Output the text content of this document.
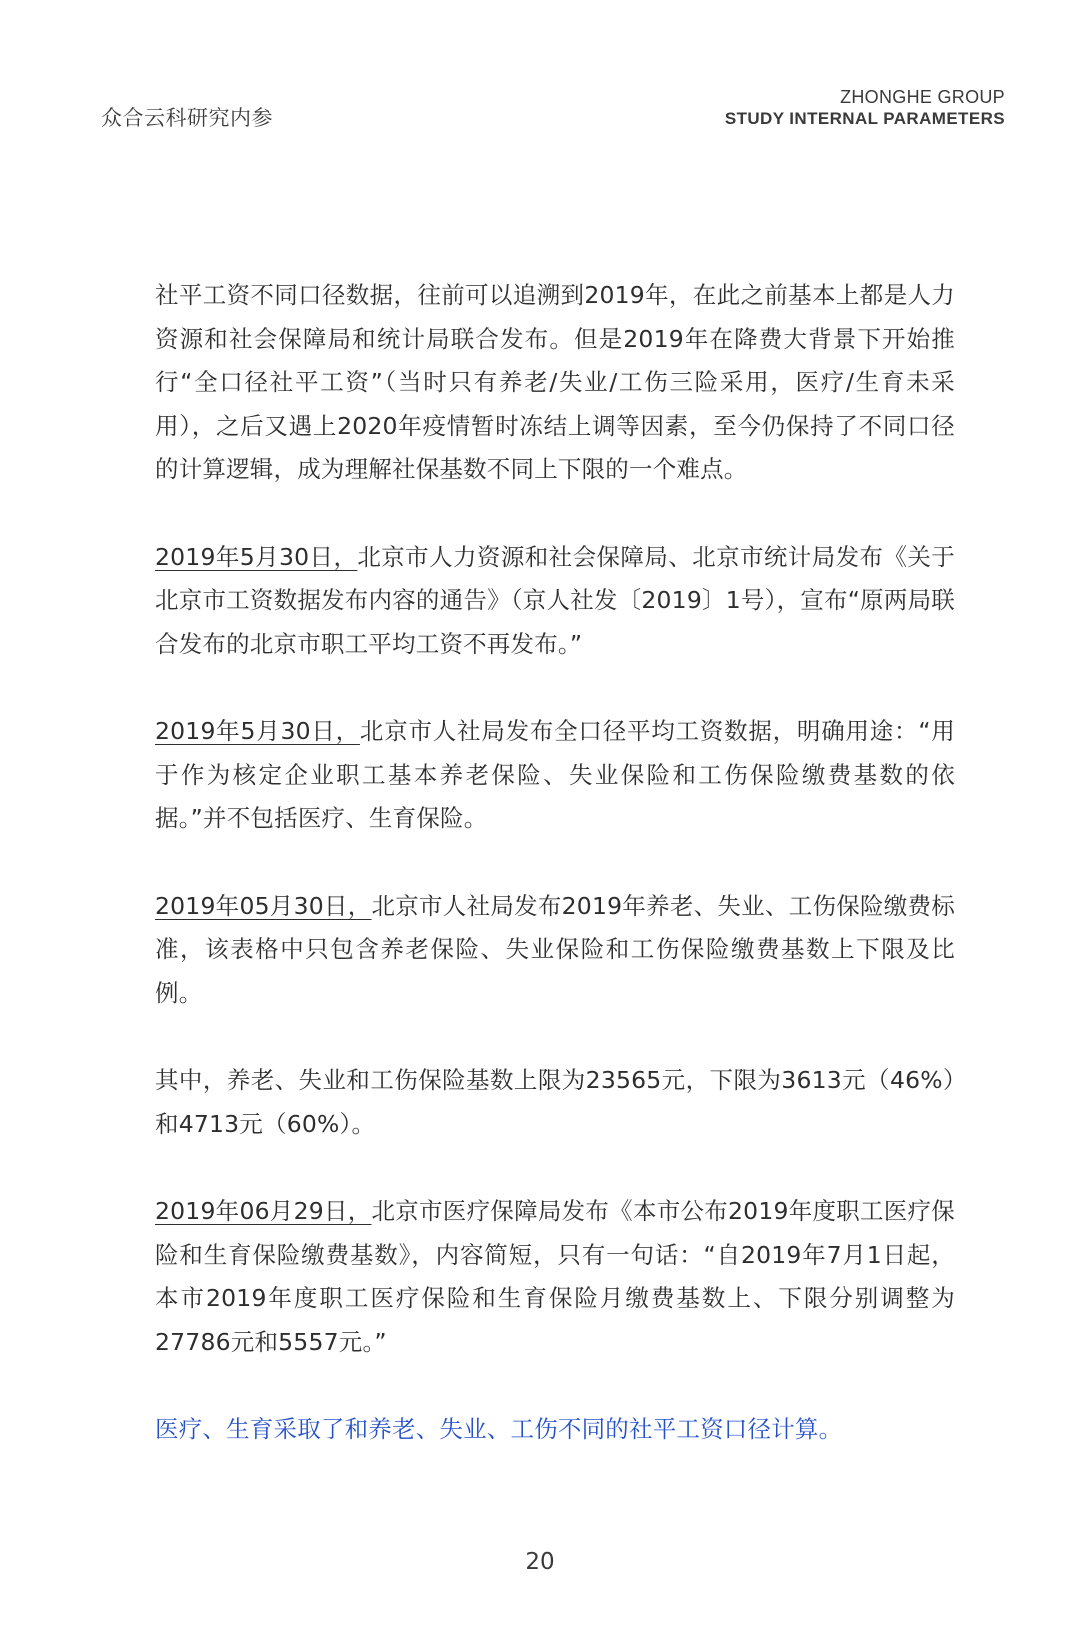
众合云科研究内参
ZHONGHE GROUP
STUDY INTERNAL PARAMETERS

社平工资不同口径数据，往前可以追溯到2019年，在此之前基本上都是人力资源和社会保障局和统计局联合发布。但是2019年在降费大背景下开始推行“全口径社平工资”（当时只有养老/失业/工伤三险采用，医疗/生育未采用），之后又遇上2020年疫情暂时冻结上调等因素，至今仍保持了不同口径的计算逻辑，成为理解社保基数不同上下限的一个难点。

2019年5月30日，北京市人力资源和社会保障局、北京市统计局发布《关于北京市工资数据发布内容的通告》（京人社发〔2019〕1号），宣布“原两局联合发布的北京市职工平均工资不再发布。”

2019年5月30日，北京市人社局发布全口径平均工资数据，明确用途：“用于作为核定企业职工基本养老保险、失业保险和工伤保险缴费基数的依据。”并不包括医疗、生育保险。

2019年05月30日，北京市人社局发布2019年养老、失业、工伤保险缴费标准，该表格中只包含养老保险、失业保险和工伤保险缴费基数上下限及比例。

其中，养老、失业和工伤保险基数上限为23565元，下限为3613元（46%）和4713元（60%）。

2019年06月29日，北京市医疗保障局发布《本市公布2019年度职工医疗保险和生育保险缴费基数》，内容简短，只有一句话：“自2019年7月1日起，本市2019年度职工医疗保险和生育保险月缴费基数上、下限分别调整为27786元和5557元。”

医疗、生育采取了和养老、失业、工伤不同的社平工资口径计算。

20
